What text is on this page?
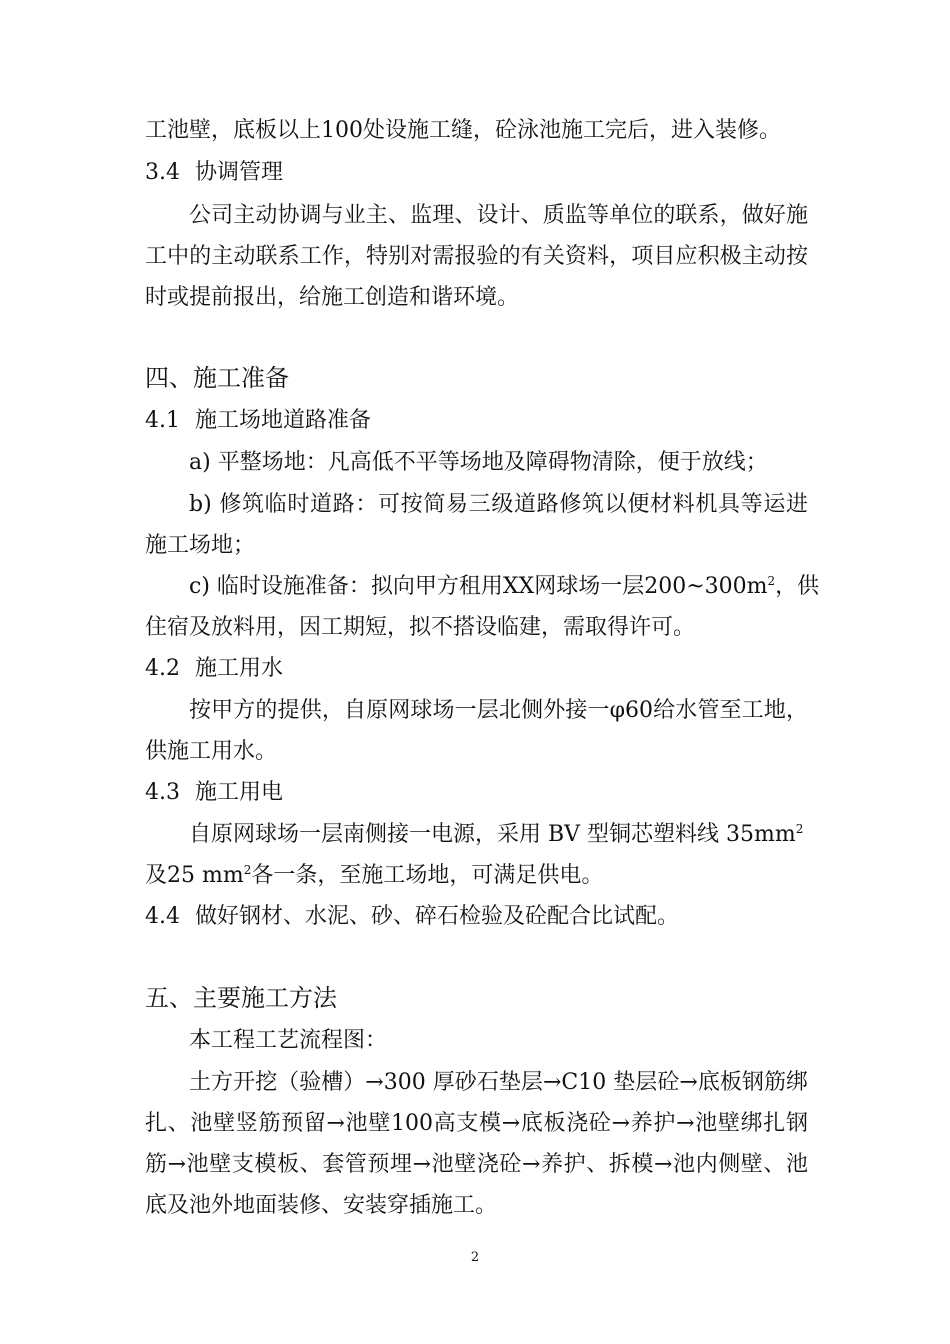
工池壁，底板以上100处设施工缝，砼泳池施工完后，进入装修。

3.4 协调管理

公司主动协调与业主、监理、设计、质监等单位的联系，做好施

工中的主动联系工作，特别对需报验的有关资料，项目应积极主动按

时或提前报出，给施工创造和谐环境。

四、施工准备

4.1 施工场地道路准备

a) 平整场地：凡高低不平等场地及障碍物清除，便于放线；

b) 修筑临时道路：可按简易三级道路修筑以便材料机具等运进

施工场地；

c) 临时设施准备：拟向甲方租用XX网球场一层$200\sim 300m^2$，供

住宿及放料用，因工期短，拟不搭设临建，需取得许可。

4.2 施工用水

按甲方的提供，自原网球场一层北侧外接一φ60给水管至工地，

供施工用水。

4.3 施工用电

自原网球场一层南侧接一电源，采用 BV 型铜芯塑料线 $35mm^2$

及25 $mm^2$各一条，至施工场地，可满足供电。

4.4 做好钢材、水泥、砂、碎石检验及砼配合比试配。

五、主要施工方法

本工程工艺流程图：

土方开挖（验槽）→300 厚砂石垫层→C10 垫层砼→底板钢筋绑

扎、池壁竖筋预留→池壁100高支模→底板浇砼→养护→池壁绑扎钢

筋→池壁支模板、套管预埋→池壁浇砼→养护、拆模→池内侧壁、池

底及池外地面装修、安装穿插施工。

2
